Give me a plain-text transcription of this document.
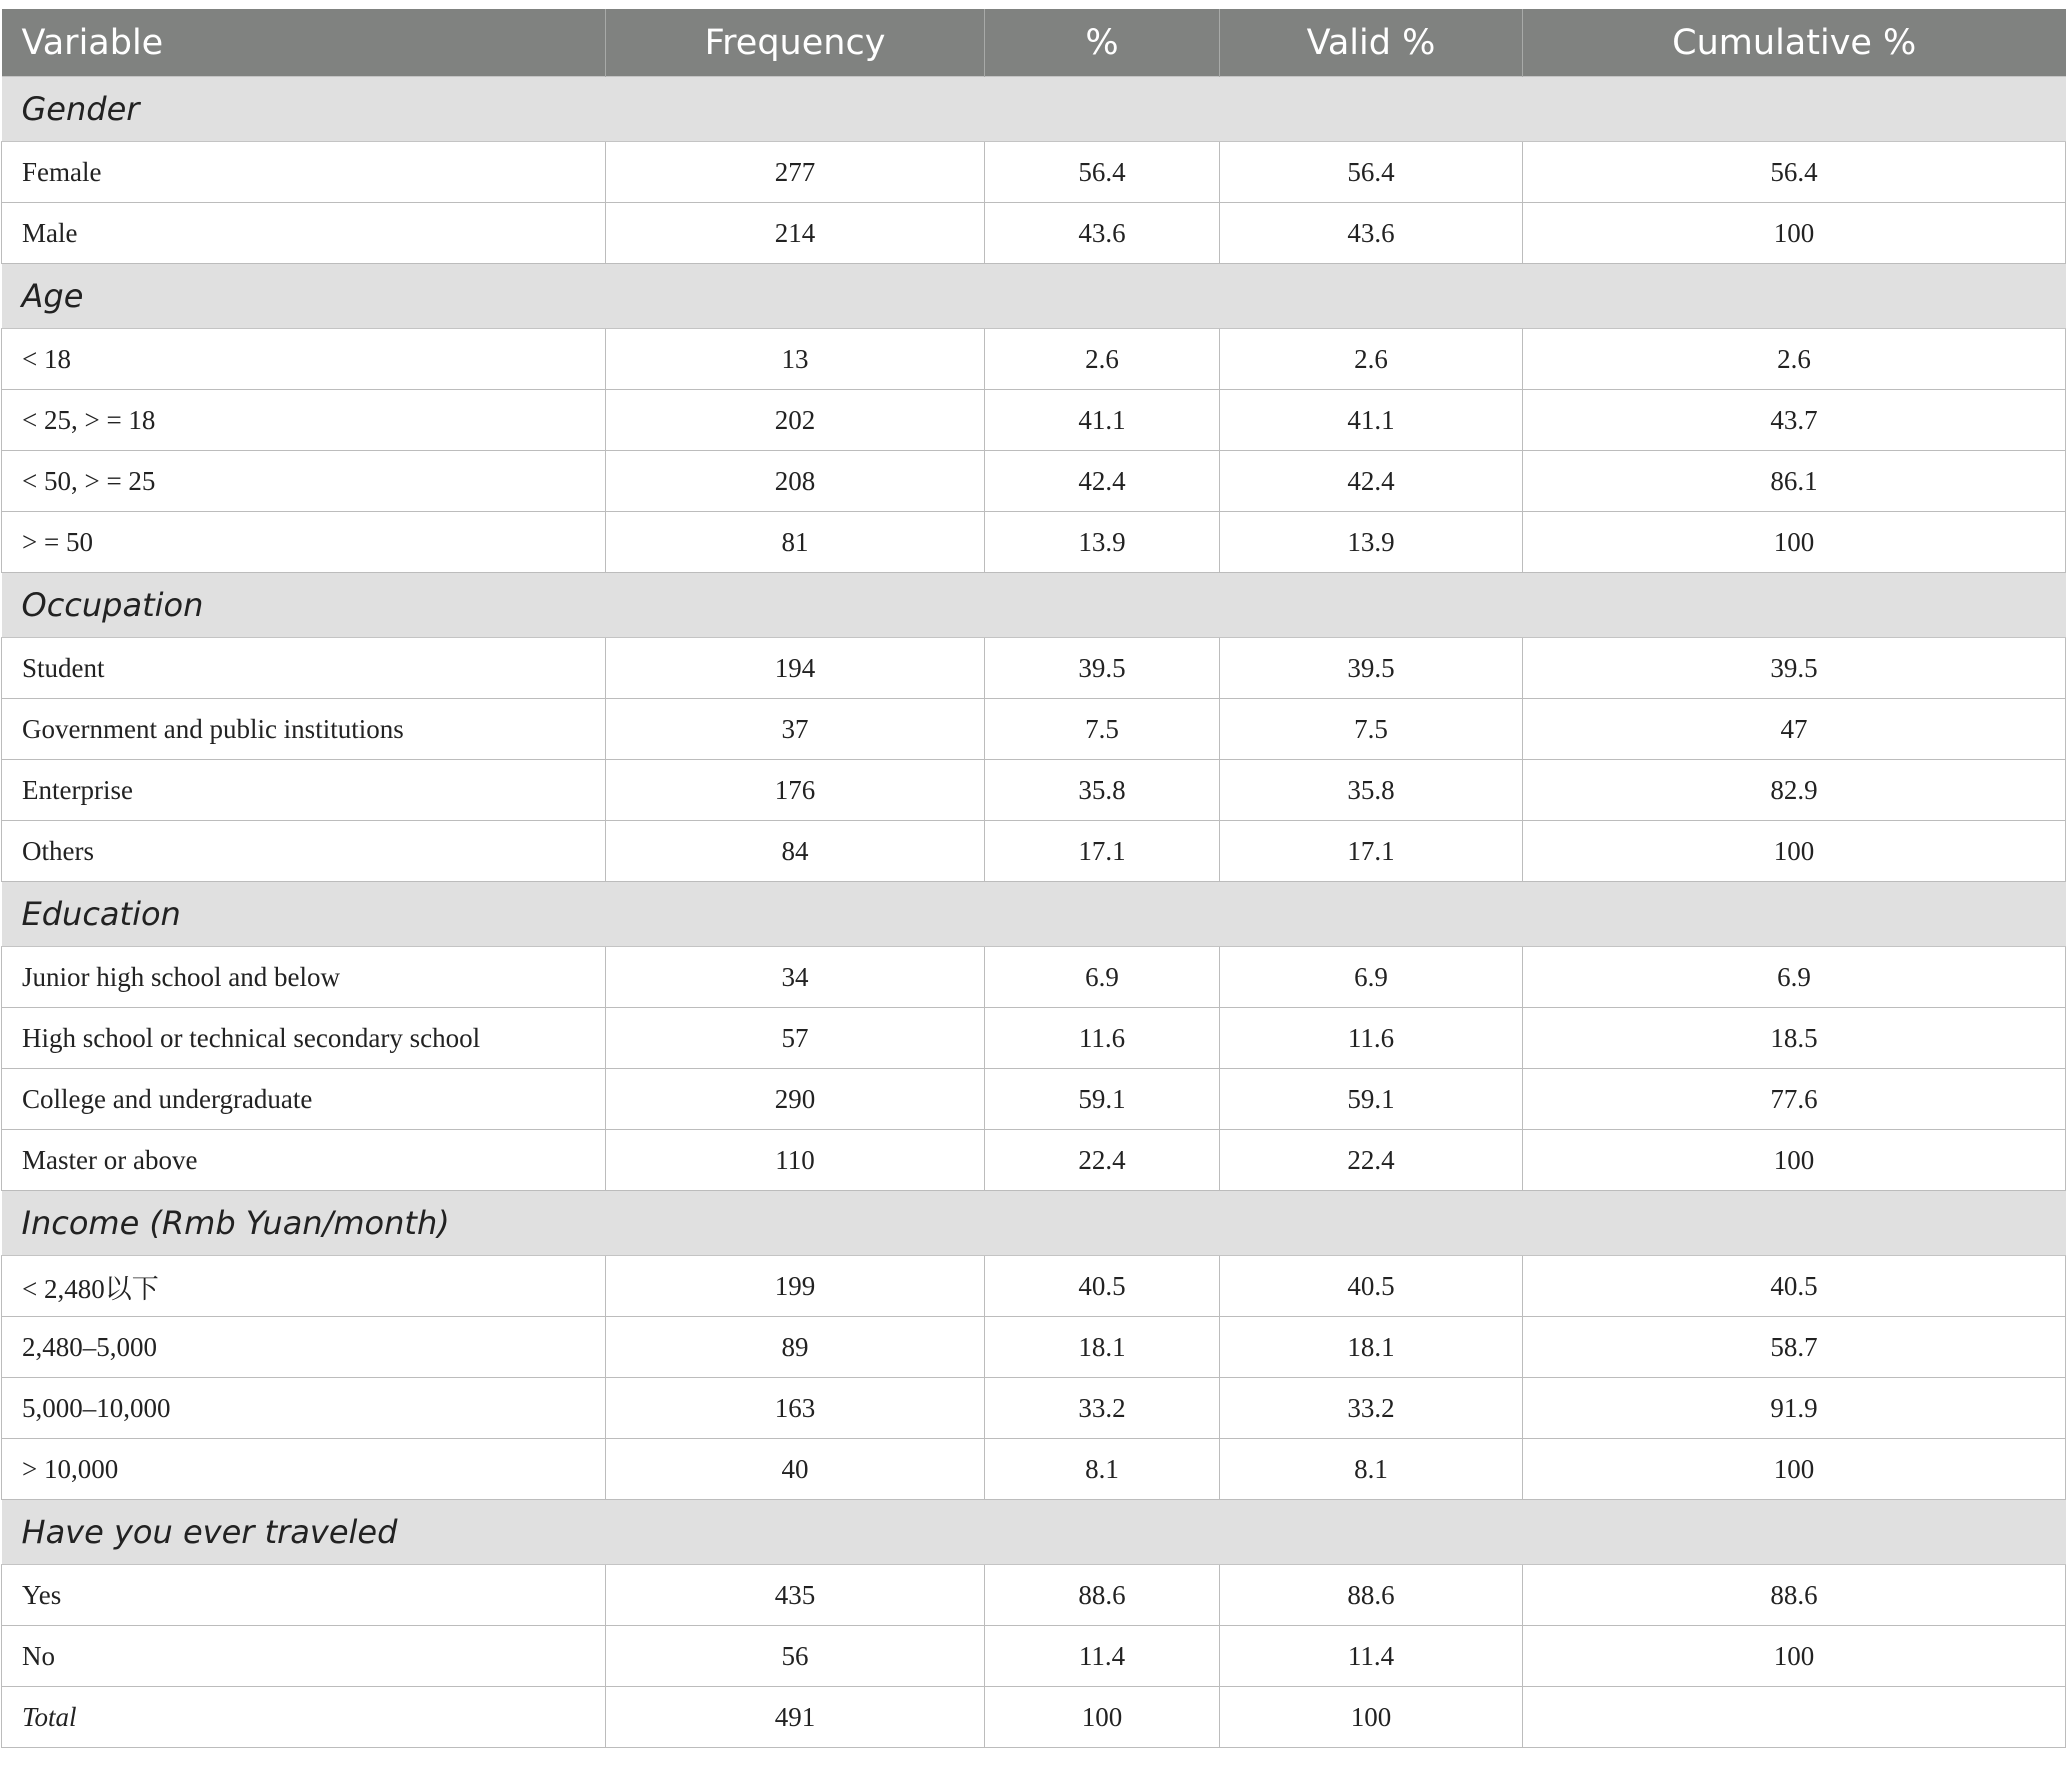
Variable	Frequency	%	Valid %	Cumulative %
Gender				
Female	277	56.4	56.4	56.4
Male	214	43.6	43.6	100
Age				
< 18	13	2.6	2.6	2.6
< 25, > = 18	202	41.1	41.1	43.7
< 50, > = 25	208	42.4	42.4	86.1
> = 50	81	13.9	13.9	100
Occupation				
Student	194	39.5	39.5	39.5
Government and public institutions	37	7.5	7.5	47
Enterprise	176	35.8	35.8	82.9
Others	84	17.1	17.1	100
Education				
Junior high school and below	34	6.9	6.9	6.9
High school or technical secondary school	57	11.6	11.6	18.5
College and undergraduate	290	59.1	59.1	77.6
Master or above	110	22.4	22.4	100
Income (Rmb Yuan/month)				
< 2,480以下	199	40.5	40.5	40.5
2,480–5,000	89	18.1	18.1	58.7
5,000–10,000	163	33.2	33.2	91.9
> 10,000	40	8.1	8.1	100
Have you ever traveled				
Yes	435	88.6	88.6	88.6
No	56	11.4	11.4	100
Total	491	100	100	
